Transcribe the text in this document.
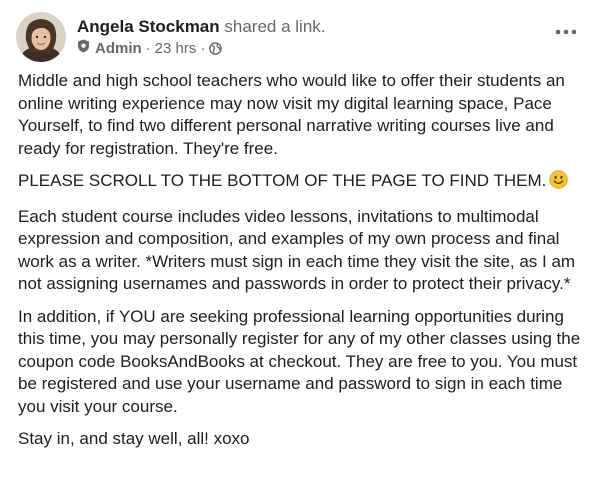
Angela Stockman shared a link.
Admin · 23 hrs ·

Middle and high school teachers who would like to offer their students an online writing experience may now visit my digital learning space, Pace Yourself, to find two different personal narrative writing courses live and ready for registration. They're free.

PLEASE SCROLL TO THE BOTTOM OF THE PAGE TO FIND THEM.

Each student course includes video lessons, invitations to multimodal expression and composition, and examples of my own process and final work as a writer. *Writers must sign in each time they visit the site, as I am not assigning usernames and passwords in order to protect their privacy.*

In addition, if YOU are seeking professional learning opportunities during this time, you may personally register for any of my other classes using the coupon code BooksAndBooks at checkout. They are free to you. You must be registered and use your username and password to sign in each time you visit your course.

Stay in, and stay well, all! xoxo
